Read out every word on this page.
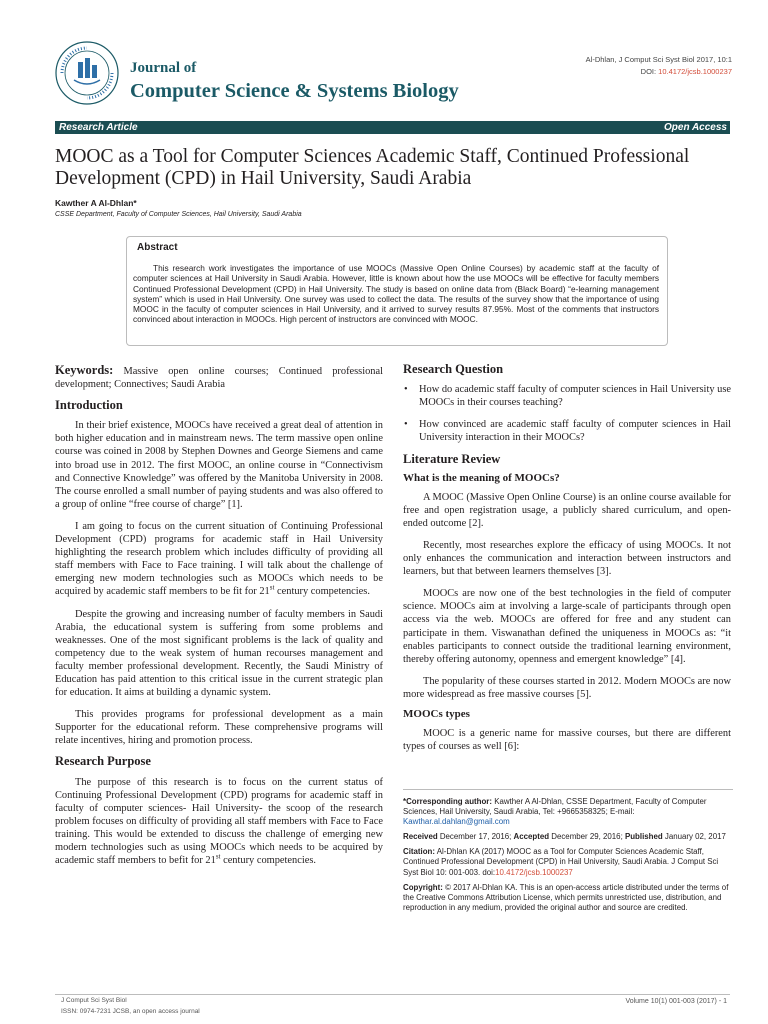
Journal of
Computer Science & Systems Biology
Al-Dhlan, J Comput Sci Syst Biol 2017, 10:1
DOI: 10.4172/jcsb.1000237
Research Article	Open Access
MOOC as a Tool for Computer Sciences Academic Staff, Continued Professional Development (CPD) in Hail University, Saudi Arabia
Kawther A Al-Dhlan*
CSSE Department, Faculty of Computer Sciences, Hail University, Saudi Arabia
Abstract
This research work investigates the importance of use MOOCs (Massive Open Online Courses) by academic staff at the faculty of computer sciences at Hail University in Saudi Arabia. However, little is known about how the use MOOCs will be effective for faculty members Continued Professional Development (CPD) in Hail University. The study is based on online data from (Black Board) “e-learning management system” which is used in Hail University. One survey was used to collect the data. The results of the survey show that the importance of using MOOC in the faculty of computer sciences in Hail University, and it arrived to survey results 87.95%. Most of the comments that instructors convinced about interaction in MOOCs. High percent of instructors are convinced with MOOC.

Keywords: Massive open online courses; Continued professional development; Connectives; Saudi Arabia

Introduction

In their brief existence, MOOCs have received a great deal of attention in both higher education and in mainstream news. The term massive open online course was coined in 2008 by Stephen Downes and George Siemens and came into broad use in 2012. The first MOOC, an online course in “Connectivism and Connective Knowledge” was offered by the Manitoba University in 2008. The course enrolled a small number of paying students and was also offered to a group of online “free course of charge” [1].

I am going to focus on the current situation of Continuing Professional Development (CPD) programs for academic staff in Hail University highlighting the research problem which includes difficulty of providing all staff members with Face to Face training. I will talk about the challenge of emerging new modern technologies such as MOOCs which needs to be acquired by academic staff members to be fit for 21st century competencies.

Despite the growing and increasing number of faculty members in Saudi Arabia, the educational system is suffering from some problems and weaknesses. One of the most significant problems is the lack of quality and competency due to the weak system of human recourses management and faculty member professional development. Recently, the Saudi Ministry of Education has paid attention to this critical issue in the current strategic plan for education. It aims at building a dynamic system.

This provides programs for professional development as a main Supporter for the educational reform. These comprehensive programs will relate incentives, hiring and promotion process.

Research Purpose

The purpose of this research is to focus on the current status of Continuing Professional Development (CPD) programs for academic staff in faculty of computer sciences- Hail University- the scoop of the research problem focuses on difficulty of providing all staff members with Face to Face training. This would be extended to discuss the challenge of emerging new modern technologies such as using MOOCs which needs to be acquired by academic staff members to befit for 21st century competencies.

Research Question
• How do academic staff faculty of computer sciences in Hail University use MOOCs in their courses teaching?
• How convinced are academic staff faculty of computer sciences in Hail University interaction in their MOOCs?
Literature Review
What is the meaning of MOOCs?

A MOOC (Massive Open Online Course) is an online course available for free and open registration usage, a publicly shared curriculum, and open-ended outcome [2].

Recently, most researches explore the efficacy of using MOOCs. It not only enhances the communication and interaction between instructors and learners, but that between learners themselves [3].

MOOCs are now one of the best technologies in the field of computer science. MOOCs aim at involving a large-scale of participants through open access via the web. MOOCs are offered for free and any student can participate in them. Viswanathan defined the uniqueness in MOOCs as: “it enables participants to connect outside the traditional learning environment, thereby offering autonomy, openness and emergent knowledge” [4].

The popularity of these courses started in 2012. Modern MOOCs are now more widespread as free massive courses [5].

MOOCs types

MOOC is a generic name for massive courses, but there are different types of courses as well [6]:

*Corresponding author: Kawther A Al-Dhlan, CSSE Department, Faculty of Computer Sciences, Hail University, Saudi Arabia, Tel: +9665358325; E-mail: Kawthar.al.dahlan@gmail.com

Received December 17, 2016; Accepted December 29, 2016; Published January 02, 2017

Citation: Al-Dhlan KA (2017) MOOC as a Tool for Computer Sciences Academic Staff, Continued Professional Development (CPD) in Hail University, Saudi Arabia. J Comput Sci Syst Biol 10: 001-003. doi:10.4172/jcsb.1000237

Copyright: © 2017 Al-Dhlan KA. This is an open-access article distributed under the terms of the Creative Commons Attribution License, which permits unrestricted use, distribution, and reproduction in any medium, provided the original author and source are credited.

J Comput Sci Syst Biol
ISSN: 0974-7231 JCSB, an open access journal
Volume 10(1) 001-003 (2017) - 1
